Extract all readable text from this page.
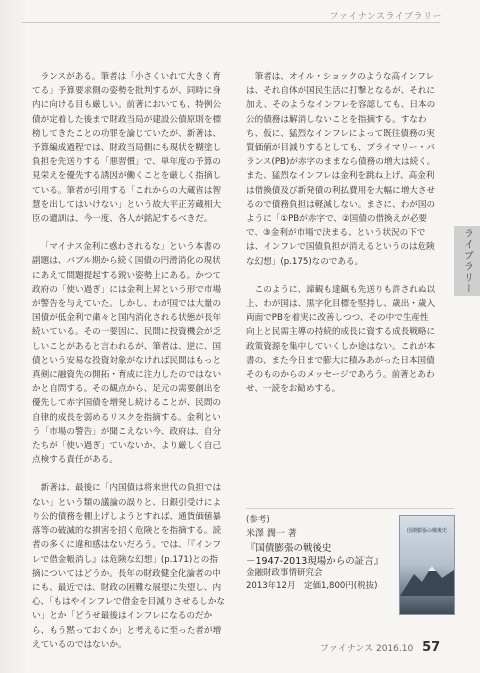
ファイナンスライブラリー

ランスがある。筆者は「小さくいれて大きく育てる」予算要求側の姿勢を批判するが、同時に身内に向ける目も厳しい。前著においても、特例公債が定着した後まで財政当局が建設公債原則を標榜してきたことの功罪を論じていたが、新著は、予算編成過程では、財政当局側にも現状を糊塗し負担を先送りする「悪習慣」で、単年度の予算の見栄えを優先する誘因が働くことを厳しく指摘している。筆者が引用する「これからの大蔵省は智慧を出してはいけない」という故大平正芳蔵相大臣の遺訓は、今一度、各人が銘記するべきだ。

「マイナス金利に惑わされるな」という本書の副題は、バブル期から続く国債の円滑消化の現状にあえて問題提起する鋭い姿勢上にある。かつて政府の「使い過ぎ」には金利上昇という形で市場が警告を与えていた。しかし、わが国では大量の国債が低金利で粛々と国内消化される状態が長年続いている。その一要因に、民間に投資機会が乏しいことがあると言われるが、筆者は、逆に、国債という安易な投資対象がなければ民間はもっと真剣に融資先の開拓・育成に注力したのではないかと自問する。その観点から、足元の需要創出を優先して赤字国債を増発し続けることが、民間の自律的成長を弱めるリスクを指摘する。金利という「市場の警告」が聞こえない今、政府は、自分たちが「使い過ぎ」ていないか、より厳しく自己点検する責任がある。

新著は、最後に「内国債は将来世代の負担ではない」という類の議論の誤りと、日銀引受けにより公的債務を棚上げしようとすれば、通貨価値暴落等の破滅的な損害を招く危険とを指摘する。読者の多くに違和感はないだろう。では、「『インフレで借金帳消し』は危険な幻想」(p.171)との指摘についてはどうか。長年の財政健全化論者の中にも、最近では、財政の困難な展望に失望し、内心、「もはやインフレで借金を目減りさせるしかない」とか「どうせ最後はインフレになるのだから、もう黙っておくか」と考えるに至った者が増えているのではないか。

筆者は、オイル・ショックのような高インフレは、それ自体が国民生活に打撃となるが、それに加え、そのようなインフレを容認しても、日本の公的債務は解消しないことを指摘する。すなわち、仮に、猛烈なインフレによって既往債務の実質価値が目減りするとしても、プライマリー・バランス(PB)が赤字のままなら債務の増大は続く。また、猛烈なインフレは金利を跳ね上げ、高金利は借換債及び新発債の利払費用を大幅に増大させるので債務負担は軽減しない。まさに、わが国のように「①PBが赤字で、②国債の借換えが必要で、③金利が市場で決まる、という状況の下では、インフレで国債負担が消えるというのは危険な幻想」(p.175)なのである。

このように、諦観も達観も先送りも許されぬ以上、わが国は、黒字化目標を堅持し、歳出・歳入両面でPBを着実に改善しつつ、その中で生産性向上と民需主導の持続的成長に資する成長戦略に政策資源を集中していくしか途はない。これが本書の、また今日まで膨大に積みあがった日本国債そのものからのメッセージであろう。前著とあわせ、一読をお勧めする。

ライブラリー
(参考)
米澤 潤一 著
『国債膨張の戦後史
－1947-2013現場からの証言』
金融財政事情研究会
2013年12月　定価1,800円(税抜)
国債膨張の戦後史
ファイナンス 2016.10 57
